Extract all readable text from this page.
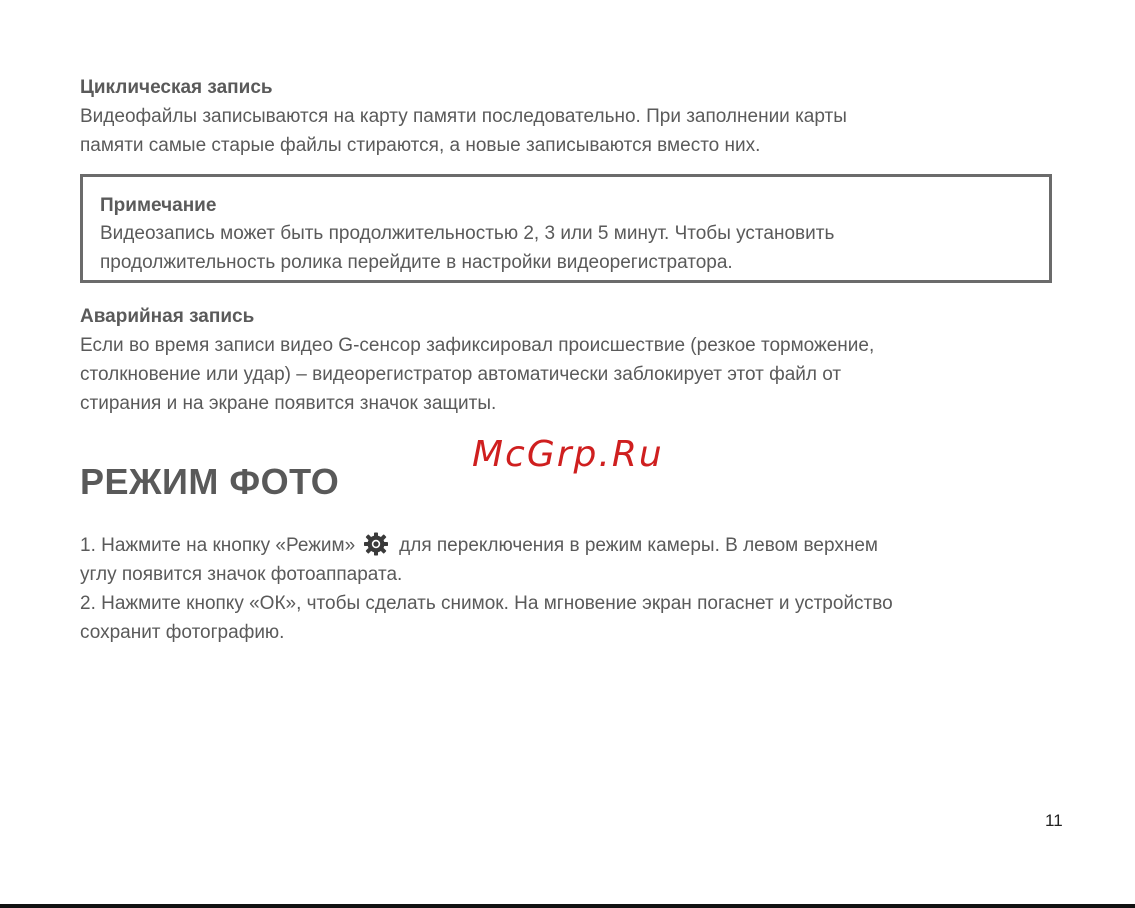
Циклическая запись
Видеофайлы записываются на карту памяти последовательно. При заполнении карты
памяти самые старые файлы стираются, а новые записываются вместо них.
Примечание
Видеозапись может быть продолжительностью 2, 3 или 5 минут. Чтобы установить
продолжительность ролика перейдите в настройки видеорегистратора.
Аварийная запись
Если во время записи видео G-сенсор зафиксировал происшествие (резкое торможение,
столкновение или удар) – видеорегистратор автоматически заблокирует этот файл от
стирания и на экране появится значок защиты.
McGrp.Ru
РЕЖИМ ФОТО
1. Нажмите на кнопку «Режим» для переключения в режим камеры. В левом верхнем
углу появится значок фотоаппарата.
2. Нажмите кнопку «ОК», чтобы сделать снимок. На мгновение экран погаснет и устройство
сохранит фотографию.
11
